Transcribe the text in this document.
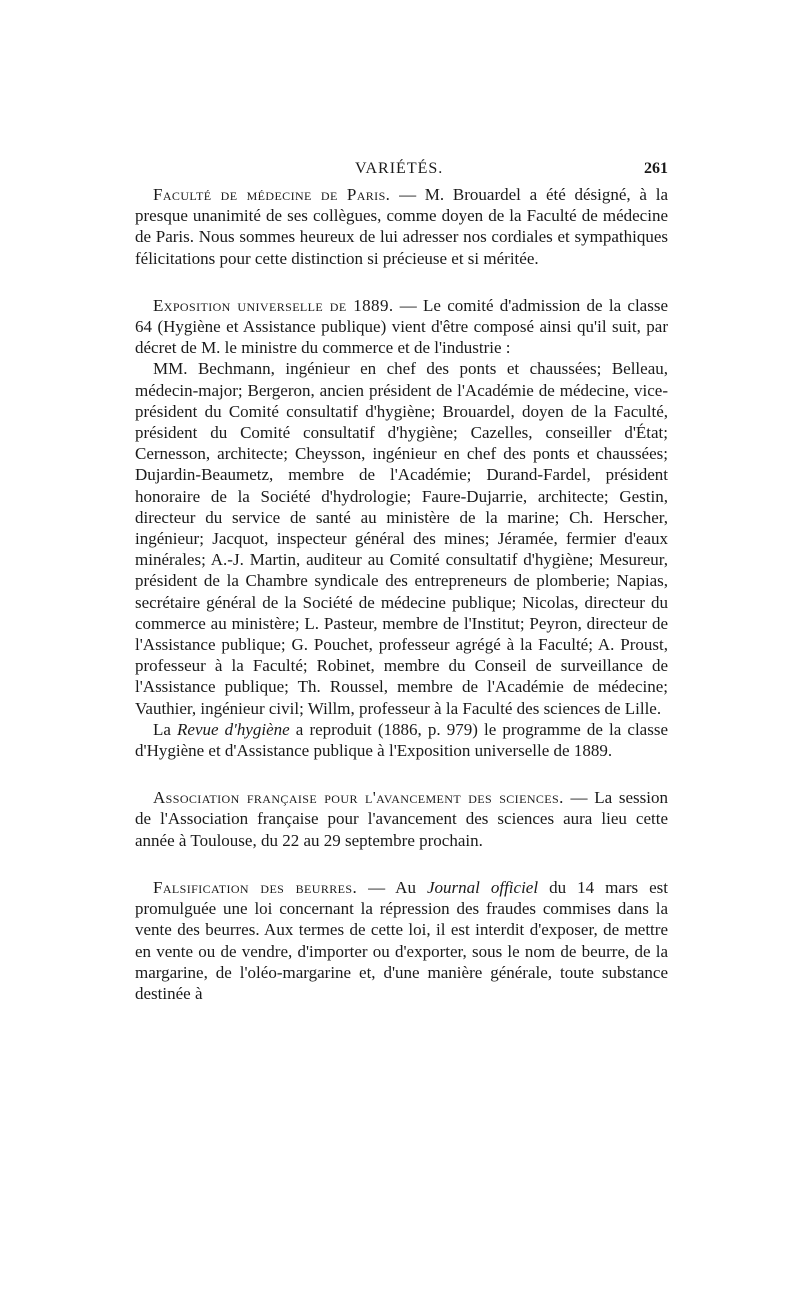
VARIÉTÉS.	261

Faculté de médecine de Paris. — M. Brouardel a été désigné, à la presque unanimité de ses collègues, comme doyen de la Faculté de médecine de Paris. Nous sommes heureux de lui adresser nos cordiales et sympathiques félicitations pour cette distinction si précieuse et si méritée.

Exposition universelle de 1889. — Le comité d'admission de la classe 64 (Hygiène et Assistance publique) vient d'être composé ainsi qu'il suit, par décret de M. le ministre du commerce et de l'industrie :

MM. Bechmann, ingénieur en chef des ponts et chaussées; Belleau, médecin-major; Bergeron, ancien président de l'Académie de médecine, vice-président du Comité consultatif d'hygiène; Brouardel, doyen de la Faculté, président du Comité consultatif d'hygiène; Cazelles, conseiller d'État; Cernesson, architecte; Cheysson, ingénieur en chef des ponts et chaussées; Dujardin-Beaumetz, membre de l'Académie; Durand-Fardel, président honoraire de la Société d'hydrologie; Faure-Dujarrie, architecte; Gestin, directeur du service de santé au ministère de la marine; Ch. Herscher, ingénieur; Jacquot, inspecteur général des mines; Jéramée, fermier d'eaux minérales; A.-J. Martin, auditeur au Comité consultatif d'hygiène; Mesureur, président de la Chambre syndicale des entrepreneurs de plomberie; Napias, secrétaire général de la Société de médecine publique; Nicolas, directeur du commerce au ministère; L. Pasteur, membre de l'Institut; Peyron, directeur de l'Assistance publique; G. Pouchet, professeur agrégé à la Faculté; A. Proust, professeur à la Faculté; Robinet, membre du Conseil de surveillance de l'Assistance publique; Th. Roussel, membre de l'Académie de médecine; Vauthier, ingénieur civil; Willm, professeur à la Faculté des sciences de Lille.

La Revue d'hygiène a reproduit (1886, p. 979) le programme de la classe d'Hygiène et d'Assistance publique à l'Exposition universelle de 1889.

Association française pour l'avancement des sciences. — La session de l'Association française pour l'avancement des sciences aura lieu cette année à Toulouse, du 22 au 29 septembre prochain.

Falsification des beurres. — Au Journal officiel du 14 mars est promulguée une loi concernant la répression des fraudes commises dans la vente des beurres. Aux termes de cette loi, il est interdit d'exposer, de mettre en vente ou de vendre, d'importer ou d'exporter, sous le nom de beurre, de la margarine, de l'oléo-margarine et, d'une manière générale, toute substance destinée à
